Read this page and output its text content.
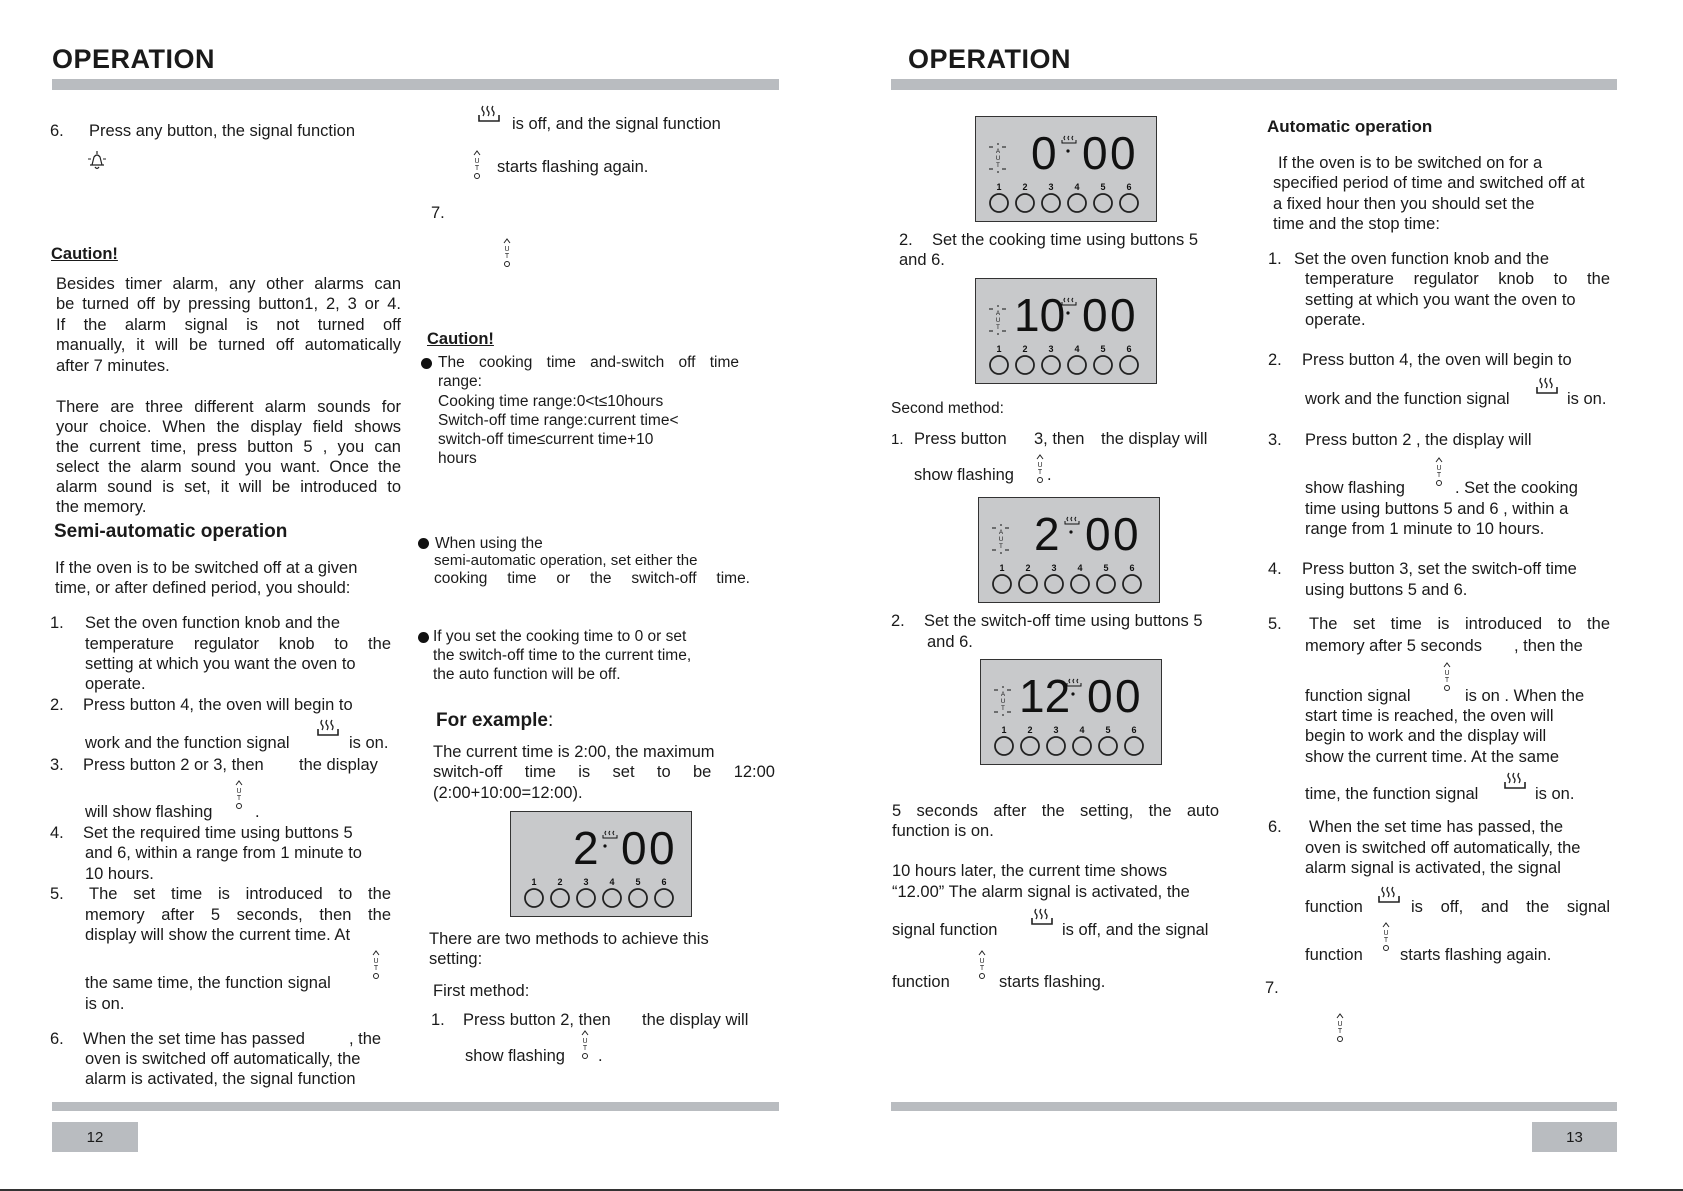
OPERATION
6. Press any button, the signal function
Caution!
Besides timer alarm, any other alarms can
be turned off by pressing button1, 2, 3 or 4.
If the alarm signal is not turned off
manually, it will be turned off automatically
after 7 minutes.
There are three different alarm sounds for
your choice. When the display field shows
the current time, press button 5 , you can
select the alarm sound you want. Once the
alarm sound is set, it will be introduced to
the memory.
Semi-automatic operation
If the oven is to be switched off at a given
time, or after defined period, you should:
1. Set the oven function knob and the
temperature regulator knob to the
setting at which you want the oven to
operate.
2. Press button 4, the oven will begin to
work and the function signal	is on.
3. Press button 2 or 3, then the display
will show flashing
U
T
.
4. Set the required time using buttons 5
and 6, within a range from 1 minute to
10 hours.
5. The set time is introduced to the
memory after 5 seconds, then the
display will show the current time. At
the same time, the function signal
U
T
is on.
6. When the set time has passed	, the
oven is switched off automatically, the
alarm is activated, the signal function
is off, and the signal function
U
T starts flashing again.
7.
U
T
Caution!
The cooking time and-switch off time
range:
Cooking time range:0<t≤10hours
Switch-off time range:current time<
switch-off time≤current time+10
hours
When using the
semi-automatic operation, set either the
cooking time or the switch-off time.
If you set the cooking time to 0 or set
the switch-off time to the current time,
the auto function will be off.
For example:
The current time is 2:00, the maximum
switch-off time is set to be 12:00
(2:00+10:00=12:00).
2 0 0
1 2 3 4 5 6
There are two methods to achieve this
setting:
First method:
1. Press button 2, then the display will
show flashing
U
T .
12
OPERATION
A
U
T 0 0 0
1 2 3 4 5 6
2. Set the cooking time using buttons 5
and 6.
A
U
T 10 0 0
1 2 3 4 5 6
Second method:
1. Press button 3, then the display will
show flashing
U
T .
A
U
T 2 0 0
1 2 3 4 5 6
2. Set the switch-off time using buttons 5
and 6.
A
U
T 12 0 0
1 2 3 4 5 6
5 seconds after the setting, the auto
function is on.
10 hours later, the current time shows
“12.00” The alarm signal is activated, the
signal function	is off, and the signal
function
U
T
starts flashing.
Automatic operation
If the oven is to be switched on for a
specified period of time and switched off at
a fixed hour then you should set the
time and the stop time:
1. Set the oven function knob and the
temperature regulator knob to the
setting at which you want the oven to
operate.
2. Press button 4, the oven will begin to
work and the function signal	is on.
3. Press button 2 , the display will
show flashing
U
T
. Set the cooking
time using buttons 5 and 6 , within a
range from 1 minute to 10 hours.
4. Press button 3, set the switch-off time
using buttons 5 and 6.
5. The set time is introduced to the
memory after 5 seconds , then the
function signal
U
T
is on . When the
start time is reached, the oven will
begin to work and the display will
show the current time. At the same
time, the function signal	is on.
6. When the set time has passed, the
oven is switched off automatically, the
alarm signal is activated, the signal
function	is off, and the signal
function
U
T
starts flashing again.
7.
U
T
13
